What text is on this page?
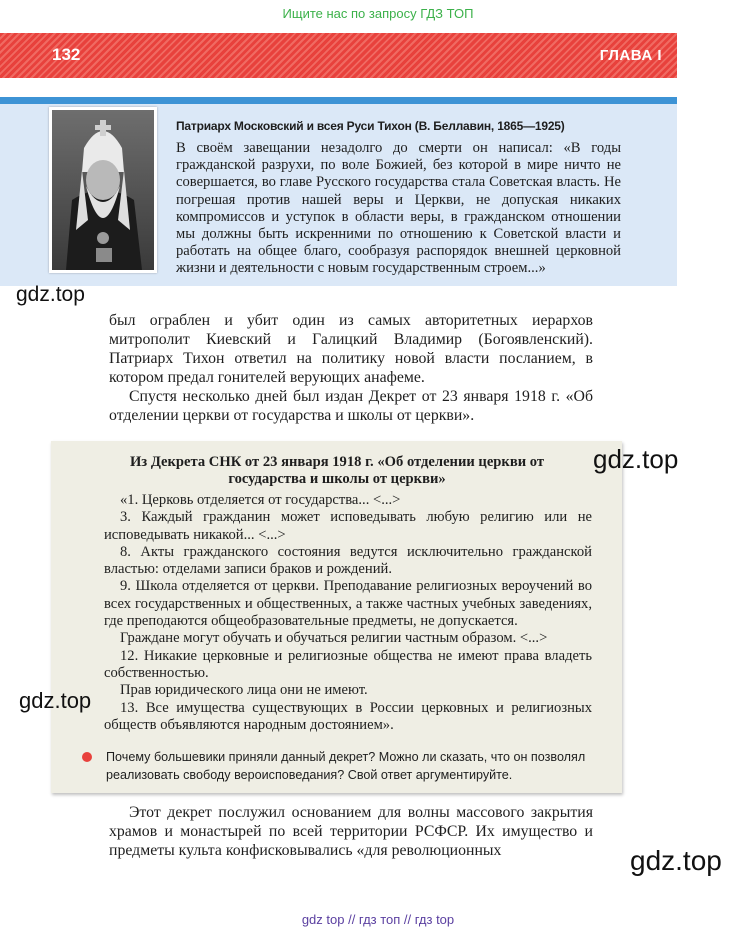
Ищите нас по запросу ГДЗ ТОП
132	ГЛАВА I
Патриарх Московский и всея Руси Тихон (В. Беллавин, 1865—1925)
В своём завещании незадолго до смерти он написал: «В годы гражданской разрухи, по воле Божией, без которой в мире ничто не совершается, во главе Русского государства стала Советская власть. Не погрешая против нашей веры и Церкви, не допуская никаких компромиссов и уступок в области веры, в гражданском отношении мы должны быть искренними по отношению к Советской власти и работать на общее благо, сообразуя распорядок внешней церковной жизни и деятельности с новым государственным строем...»
gdz.top
был ограблен и убит один из самых авторитетных иерархов митрополит Киевский и Галицкий Владимир (Богоявленский). Патриарх Тихон ответил на политику новой власти посланием, в котором предал гонителей верующих анафеме.
Спустя несколько дней был издан Декрет от 23 января 1918 г. «Об отделении церкви от государства и школы от церкви».
Из Декрета СНК от 23 января 1918 г. «Об отделении церкви от государства и школы от церкви»
gdz.top

«1. Церковь отделяется от государства... <...>

3. Каждый гражданин может исповедывать любую религию или не исповедывать никакой... <...>

8. Акты гражданского состояния ведутся исключительно гражданской властью: отделами записи браков и рождений.

9. Школа отделяется от церкви. Преподавание религиозных вероучений во всех государственных и общественных, а также частных учебных заведениях, где преподаются общеобразовательные предметы, не допускается.

Граждане могут обучать и обучаться религии частным образом. <...>

12. Никакие церковные и религиозные общества не имеют права владеть собственностью.

Прав юридического лица они не имеют.

13. Все имущества существующих в России церковных и религиозных обществ объявляются народным достоянием».

gdz.top
Почему большевики приняли данный декрет? Можно ли сказать, что он позволял реализовать свободу вероисповедания? Свой ответ аргументируйте.
Этот декрет послужил основанием для волны массового закрытия храмов и монастырей по всей территории РСФСР. Их имущество и предметы культа конфисковывались «для революционных	gdz.top
gdz top // гдз топ // гдз top
